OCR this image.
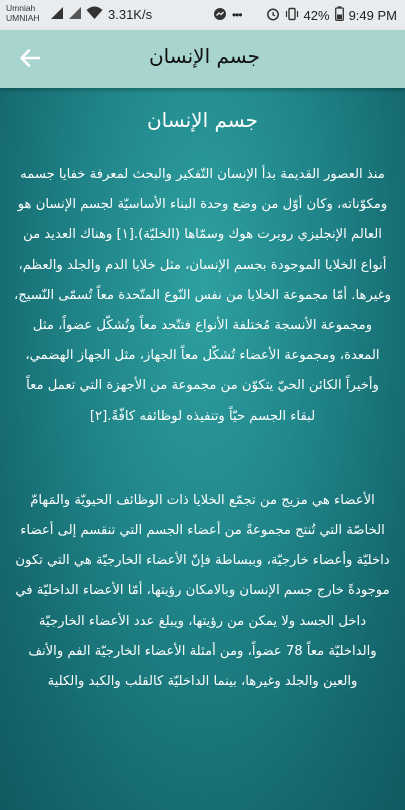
Umniah
UMNIAH	3.31K/s	•••	42% 9:49 PM
جسم الإنسان
جسم الإنسان

منذ العصور القديمة بدأ الإنسان التّفكير والبحث لمعرفة خفايا جسمه ومكوّناته، وكان أوّل من وضع وحدة البناء الأساسيّة لجسم الإنسان هو العالم الإنجليزي روبرت هوك وسمّاها (الخليّة).[١] وهناك العديد من أنواع الخلايا الموجودة بجسم الإنسان، مثل خلايا الدم والجلد والعظم، وغيرها. أمّا مجموعة الخلايا من نفس النّوع المتّحدة معاً تُسمّى النّسيج، ومجموعة الأنسجة مُختلفة الأنواع فتتّحد معاً وتُشكّل عضواً، مثل المعدة، ومجموعة الأعضاء تُشكّل معاً الجهاز، مثل الجهاز الهضمي، وأخيراً الكائن الحيّ يتكوّن من مجموعة من الأجهزة التي تعمل معاً لبقاء الجسم حيّاً وتنفيذه لوظائفه كافّةً.[٢]

الأعضاء هي مزيج من تجمّع الخلايا ذات الوظائف الحيويّة والمَهامّ الخاصّة التي تُنتج مجموعةً من أعضاء الجسم التي تنقسم إلى أعضاء داخليّة وأعضاء خارجيّة، وببساطة فإنّ الأعضاء الخارجيّة هي التي تكون موجودةً خارج جسم الإنسان وبالامكان رؤيتها، أمّا الأعضاء الداخليّة في داخل الجسد ولا يمكن من رؤيتها، ويبلغ عدد الأعضاء الخارجيّة والداخليّة معاً 78 عضواً، ومن أمثلة الأعضاء الخارجيّة الفم والأنف والعين والجلد وغيرها، بينما الداخليّة كالقلب والكبد والكلية
